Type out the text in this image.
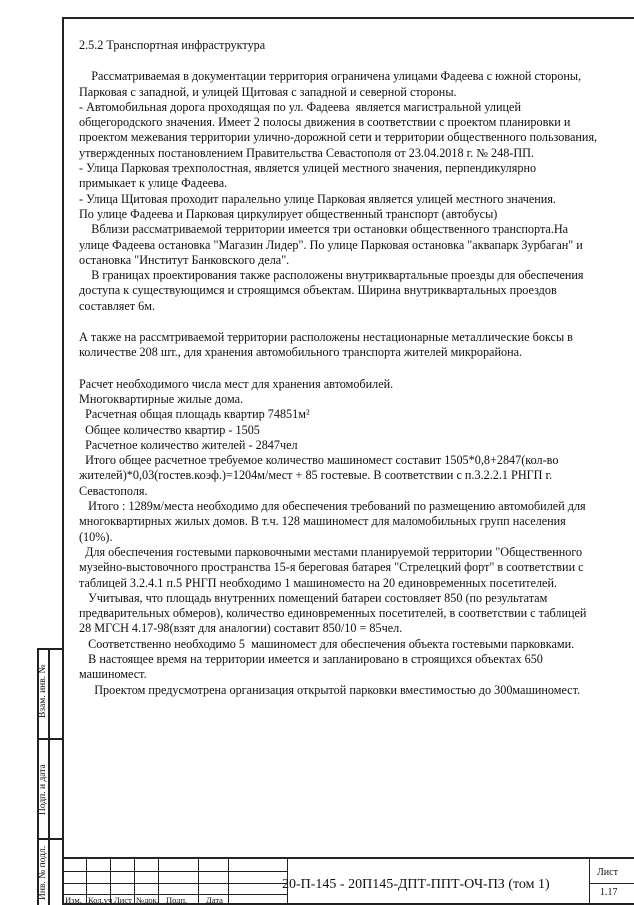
2.5.2 Транспортная инфраструктура

Рассматриваемая в документации территория ограничена улицами Фадеева с южной стороны,

Парковая с западной, и улицей Щитовая с западной и северной стороны.

- Автомобильная дорога проходящая по ул. Фадеева  является магистральной улицей

общегородского значения. Имеет 2 полосы движения в соответствии с проектом планировки и

проектом межевания территории улично-дорожной сети и территории общественного пользования,

утвержденных постановлением Правительства Севастополя от 23.04.2018 г. № 248-ПП.

- Улица Парковая трехполостная, является улицей местного значения, перпендикулярно

примыкает к улице Фадеева.

- Улица Щитовая проходит паралельно улице Парковая является улицей местного значения.

По улице Фадеева и Парковая циркулирует общественный транспорт (автобусы)

Вблизи рассматриваемой территории имеется три остановки общественного транспорта.На

улице Фадеева остановка "Магазин Лидер". По улице Парковая остановка "аквапарк Зурбаган" и

остановка "Институт Банковского дела".

В границах проектирования также расположены внутриквартальные проезды для обеспечения

доступа к существующимся и строящимся объектам. Ширина внутриквартальных проездов

составляет 6м.

А также на рассмтриваемой территории расположены нестационарные металлические боксы в

количестве 208 шт., для хранения автомобильного транспорта жителей микрорайона.

Расчет необходимого числа мест для хранения автомобилей.

Многоквартирные жилые дома.

Расчетная общая площадь квартир 74851м²

Общее количество квартир - 1505

Расчетное количество жителей - 2847чел

Итого общее расчетное требуемое количество машиномест составит 1505*0,8+2847(кол-во

жителей)*0,03(гостев.коэф.)=1204м/мест + 85 гостевые. В соответствии с п.3.2.2.1 РНГП г.

Севастополя.

Итого : 1289м/места необходимо для обеспечения требований по размещению автомобилей для

многоквартирных жилых домов. В т.ч. 128 машиномест для маломобильных групп населения

(10%).

Для обеспечения гостевыми парковочными местами планируемой территории "Общественного

музейно-выстовочного пространства 15-я береговая батарея "Стрелецкий форт" в соответствии с

таблицей 3.2.4.1 п.5 РНГП необходимо 1 машиноместо на 20 единовременных посетителей.

Учитывая, что площадь внутренних помещений батареи состовляет 850 (по результатам

предварительных обмеров), количество единовременных посетителей, в соответствии с таблицей

28 МГСН 4.17-98(взят для аналогии) составит 850/10 = 85чел.

Соответственно необходимо 5  машиномест для обеспечения объекта гостевыми парковками.

В настоящее время на территории имеется и запланировано в строящихся объектах 650

машиномест.

Проектом предусмотрена организация открытой парковки вместимостью до 300машиномест.

Взам. инв. №
Подп. и дата
Инв. № подл. Изм. Кол.уч Лист №док. Подп. Дата
20-П-145 - 20П145-ДПТ-ППТ-ОЧ-ПЗ (том 1)
Лист
1.17
